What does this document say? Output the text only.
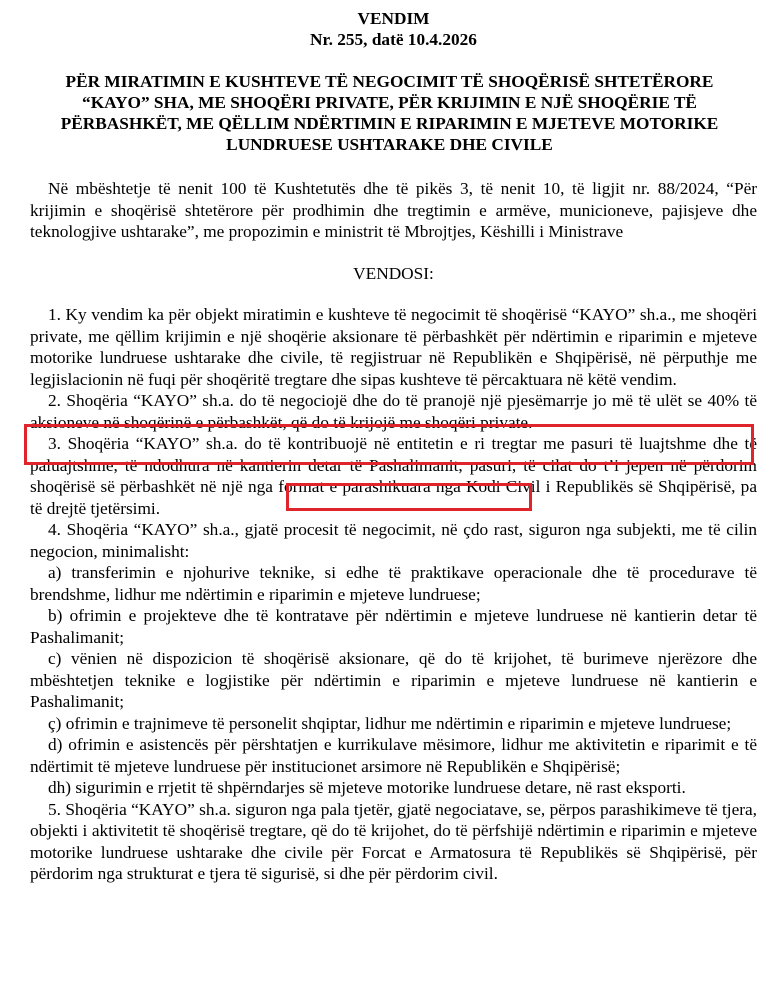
VENDIM
Nr. 255, datë 10.4.2026
PËR MIRATIMIN E KUSHTEVE TË NEGOCIMIT TË SHOQËRISË SHTETËRORE “KAYO” SHA, ME SHOQËRI PRIVATE, PËR KRIJIMIN E NJË SHOQËRIE TË PËRBASHKËT, ME QËLLIM NDËRTIMIN E RIPARIMIN E MJETEVE MOTORIKE LUNDRUESE USHTARAKE DHE CIVILE

Në mbështetje të nenit 100 të Kushtetutës dhe të pikës 3, të nenit 10, të ligjit nr. 88/2024, “Për krijimin e shoqërisë shtetërore për prodhimin dhe tregtimin e armëve, municioneve, pajisjeve dhe teknologjive ushtarake”, me propozimin e ministrit të Mbrojtjes, Këshilli i Ministrave

VENDOSI:

1. Ky vendim ka për objekt miratimin e kushteve të negocimit të shoqërisë “KAYO” sh.a., me shoqëri private, me qëllim krijimin e një shoqërie aksionare të përbashkët për ndërtimin e riparimin e mjeteve motorike lundruese ushtarake dhe civile, të regjistruar në Republikën e Shqipërisë, në përputhje me legjislacionin në fuqi për shoqëritë tregtare dhe sipas kushteve të përcaktuara në këtë vendim.

2. Shoqëria “KAYO” sh.a. do të negociojë dhe do të pranojë një pjesëmarrje jo më të ulët se 40% të aksioneve në shoqërinë e përbashkët, që do të krijojë me shoqëri private.

3. Shoqëria “KAYO” sh.a. do të kontribuojë në entitetin e ri tregtar me pasuri të luajtshme dhe të paluajtshme, të ndodhura në kantierin detar të Pashalimanit, pasuri, të cilat do t’i jepen në përdorim shoqërisë së përbashkët në një nga format e parashikuara nga Kodi Civil i Republikës së Shqipërisë, pa të drejtë tjetërsimi.

4. Shoqëria “KAYO” sh.a., gjatë procesit të negocimit, në çdo rast, siguron nga subjekti, me të cilin negocion, minimalisht:

a) transferimin e njohurive teknike, si edhe të praktikave operacionale dhe të procedurave të brendshme, lidhur me ndërtimin e riparimin e mjeteve lundruese;

b) ofrimin e projekteve dhe të kontratave për ndërtimin e mjeteve lundruese në kantierin detar të Pashalimanit;

c) vënien në dispozicion të shoqërisë aksionare, që do të krijohet, të burimeve njerëzore dhe mbështetjen teknike e logjistike për ndërtimin e riparimin e mjeteve lundruese në kantierin e Pashalimanit;

ç) ofrimin e trajnimeve të personelit shqiptar, lidhur me ndërtimin e riparimin e mjeteve lundruese;

d) ofrimin e asistencës për përshtatjen e kurrikulave mësimore, lidhur me aktivitetin e riparimit e të ndërtimit të mjeteve lundruese për institucionet arsimore në Republikën e Shqipërisë;

dh) sigurimin e rrjetit të shpërndarjes së mjeteve motorike lundruese detare, në rast eksporti.

5. Shoqëria “KAYO” sh.a. siguron nga pala tjetër, gjatë negociatave, se, përpos parashikimeve të tjera, objekti i aktivitetit të shoqërisë tregtare, që do të krijohet, do të përfshijë ndërtimin e riparimin e mjeteve motorike lundruese ushtarake dhe civile për Forcat e Armatosura të Republikës së Shqipërisë, për përdorim nga strukturat e tjera të sigurisë, si dhe për përdorim civil.
